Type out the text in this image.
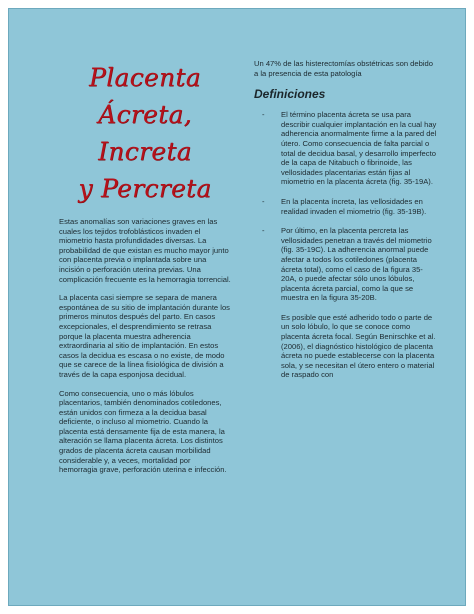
Placenta
Ácreta, Increta
y Percreta

Estas anomalías son variaciones graves en las cuales los tejidos trofoblásticos invaden el miometrio hasta profundidades diversas. La probabilidad de que existan es mucho mayor junto con placenta previa o implantada sobre una incisión o perforación uterina previas. Una complicación frecuente es la hemorragia torrencial.

La placenta casi siempre se separa de manera espontánea de su sitio de implantación durante los primeros minutos después del parto. En casos excepcionales, el desprendimiento se retrasa porque la placenta muestra adherencia extraordinaria al sitio de implantación. En estos casos la decidua es escasa o no existe, de modo que se carece de la línea fisiológica de división a través de la capa esponjosa decidual.

Como consecuencia, uno o más lóbulos placentarios, también denominados cotiledones, están unidos con firmeza a la decidua basal deficiente, o incluso al miometrio. Cuando la placenta está densamente fija de esta manera, la alteración se llama placenta ácreta. Los distintos grados de placenta ácreta causan morbilidad considerable y, a veces, mortalidad por hemorragia grave, perforación uterina e infección.

Un 47% de las histerectomías obstétricas son debido a la presencia de esta patología

Definiciones
- El término placenta ácreta se usa para describir cualquier implantación en la cual hay adherencia anormalmente firme a la pared del útero. Como consecuencia de falta parcial o total de decidua basal, y desarrollo imperfecto de la capa de Nitabuch o fibrinoide, las vellosidades placentarias están fijas al miometrio en la placenta ácreta (fig. 35-19A).
- En la placenta íncreta, las vellosidades en realidad invaden el miometrio (fig. 35-19B).
- Por último, en la placenta percreta las vellosidades penetran a través del miometrio (fig. 35-19C). La adherencia anormal puede afectar a todos los cotiledones (placenta ácreta total), como el caso de la figura 35-20A, o puede afectar sólo unos lóbulos, placenta ácreta parcial, como la que se muestra en la figura 35-20B.

Es posible que esté adherido todo o parte de un solo lóbulo, lo que se conoce como placenta ácreta focal. Según Benirschke et al. (2006), el diagnóstico histológico de placenta ácreta no puede establecerse con la placenta sola, y se necesitan el útero entero o material de raspado con
